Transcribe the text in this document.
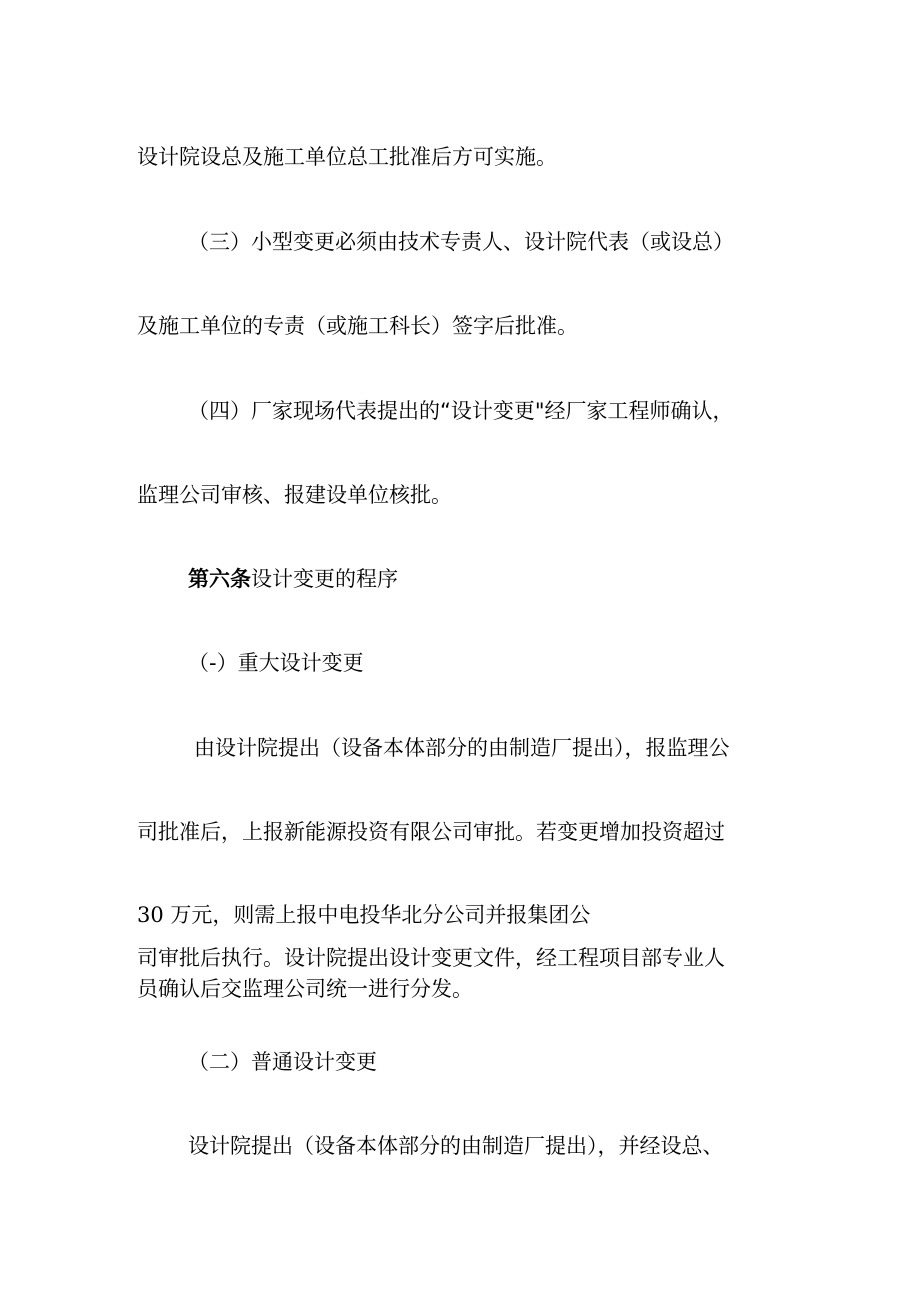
设计院设总及施工单位总工批准后方可实施。
（三）小型变更必须由技术专责人、设计院代表（或设总）
及施工单位的专责（或施工科长）签字后批准。
（四）厂家现场代表提出的“设计变更"经厂家工程师确认，
监理公司审核、报建设单位核批。
第六条设计变更的程序
（-）重大设计变更
由设计院提出（设备本体部分的由制造厂提出），报监理公
司批准后，上报新能源投资有限公司审批。若变更增加投资超过
30 万元，则需上报中电投华北分公司并报集团公
司审批后执行。设计院提出设计变更文件，经工程项目部专业人
员确认后交监理公司统一进行分发。
（二）普通设计变更
设计院提出（设备本体部分的由制造厂提出），并经设总、
